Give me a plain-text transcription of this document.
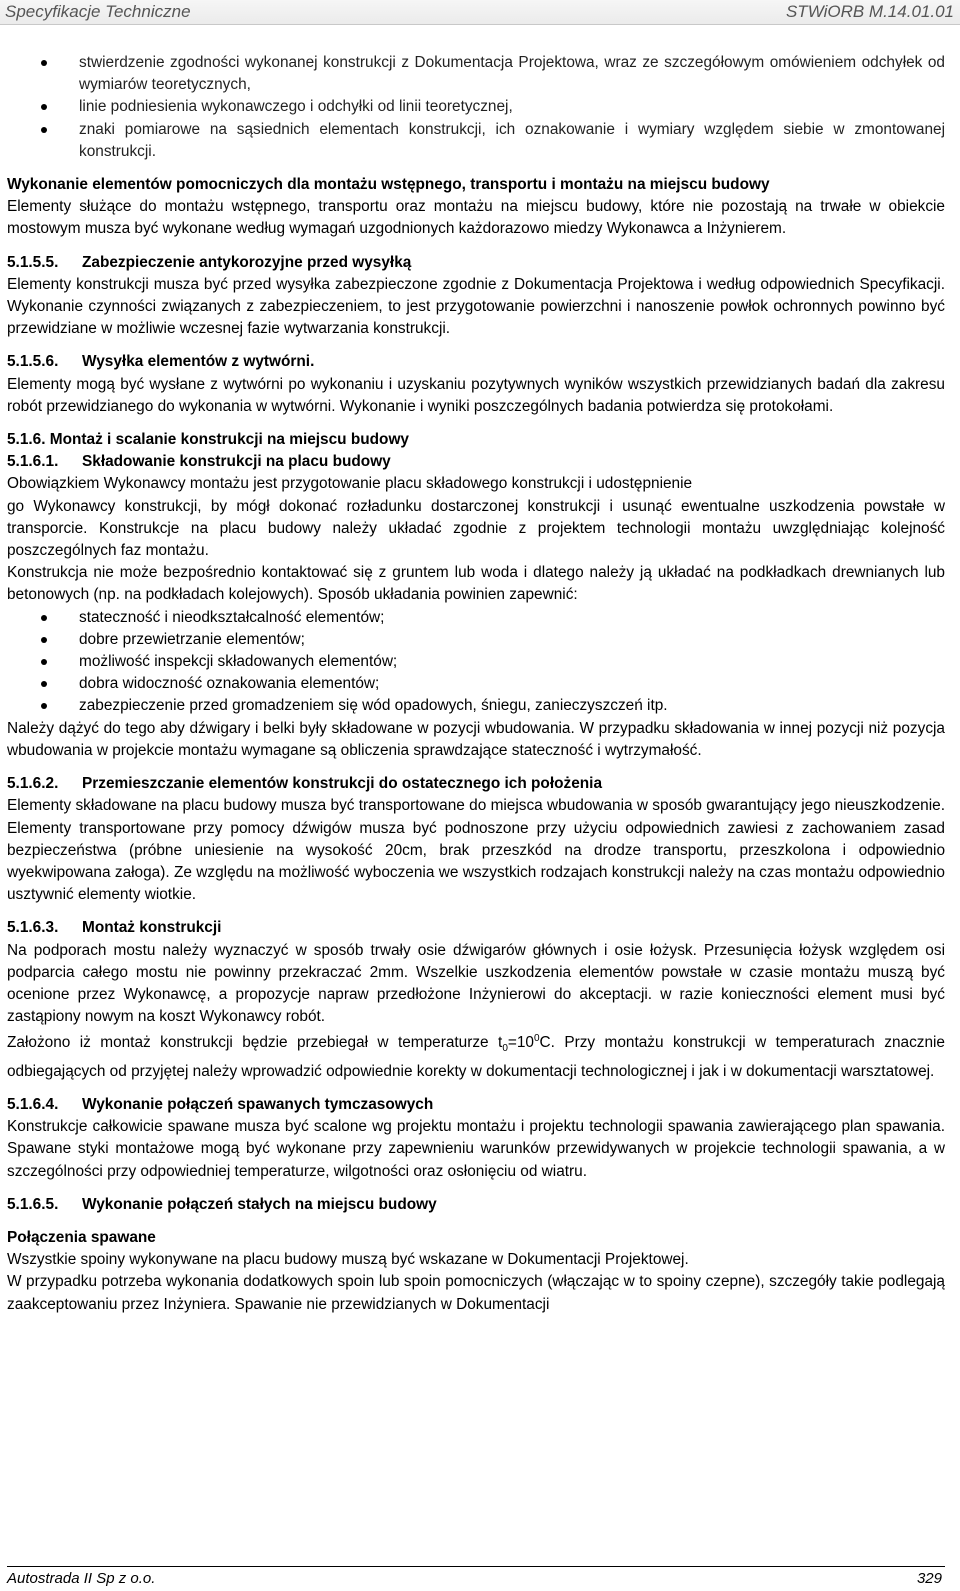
Specyfikacje Techniczne	STWiORB M.14.01.01
stwierdzenie zgodności wykonanej konstrukcji z Dokumentacja Projektowa, wraz ze szczegółowym omówieniem odchyłek od wymiarów teoretycznych,
linie podniesienia wykonawczego i odchyłki od linii teoretycznej,
znaki pomiarowe na sąsiednich elementach konstrukcji, ich oznakowanie i wymiary względem siebie w zmontowanej konstrukcji.

Wykonanie elementów pomocniczych dla montażu wstępnego, transportu i montażu na miejscu budowy

Elementy służące do montażu wstępnego, transportu oraz montażu na miejscu budowy, które nie pozostają na trwałe w obiekcie mostowym musza być wykonane według wymagań uzgodnionych każdorazowo miedzy Wykonawca a Inżynierem.

5.1.5.5. Zabezpieczenie antykorozyjne przed wysyłką

Elementy konstrukcji musza być przed wysyłka zabezpieczone zgodnie z Dokumentacja Projektowa i według odpowiednich Specyfikacji. Wykonanie czynności związanych z zabezpieczeniem, to jest przygotowanie powierzchni i nanoszenie powłok ochronnych powinno być przewidziane w możliwie wczesnej fazie wytwarzania konstrukcji.

5.1.5.6. Wysyłka elementów z wytwórni.

Elementy mogą być wysłane z wytwórni po wykonaniu i uzyskaniu pozytywnych wyników wszystkich przewidzianych badań dla zakresu robót przewidzianego do wykonania w wytwórni. Wykonanie i wyniki poszczególnych badania potwierdza się protokołami.

5.1.6. Montaż i scalanie konstrukcji na miejscu budowy

5.1.6.1. Składowanie konstrukcji na placu budowy

Obowiązkiem Wykonawcy montażu jest przygotowanie placu składowego konstrukcji i udostępnienie

go Wykonawcy konstrukcji, by mógł dokonać rozładunku dostarczonej konstrukcji i usunąć ewentualne uszkodzenia powstałe w transporcie. Konstrukcje na placu budowy należy układać zgodnie z projektem technologii montażu uwzględniając kolejność poszczególnych faz montażu.

Konstrukcja nie może bezpośrednio kontaktować się z gruntem lub woda i dlatego należy ją układać na podkładkach drewnianych lub betonowych (np. na podkładach kolejowych). Sposób układania powinien zapewnić:

stateczność i nieodkształcalność elementów;
dobre przewietrzanie elementów;
możliwość inspekcji składowanych elementów;
dobra widoczność oznakowania elementów;
zabezpieczenie przed gromadzeniem się wód opadowych, śniegu, zanieczyszczeń itp.

Należy dążyć do tego aby dźwigary i belki były składowane w pozycji wbudowania. W przypadku składowania w innej pozycji niż pozycja wbudowania w projekcie montażu wymagane są obliczenia sprawdzające stateczność i wytrzymałość.

5.1.6.2. Przemieszczanie elementów konstrukcji do ostatecznego ich położenia

Elementy składowane na placu budowy musza być transportowane do miejsca wbudowania w sposób gwarantujący jego nieuszkodzenie. Elementy transportowane przy pomocy dźwigów musza być podnoszone przy użyciu odpowiednich zawiesi z zachowaniem zasad bezpieczeństwa (próbne uniesienie na wysokość 20cm, brak przeszkód na drodze transportu, przeszkolona i odpowiednio wyekwipowana załoga). Ze względu na możliwość wyboczenia we wszystkich rodzajach konstrukcji należy na czas montażu odpowiednio usztywnić elementy wiotkie.

5.1.6.3. Montaż konstrukcji

Na podporach mostu należy wyznaczyć w sposób trwały osie dźwigarów głównych i osie łożysk. Przesunięcia łożysk względem osi podparcia całego mostu nie powinny przekraczać 2mm. Wszelkie uszkodzenia elementów powstałe w czasie montażu muszą być ocenione przez Wykonawcę, a propozycje napraw przedłożone Inżynierowi do akceptacji. w razie konieczności element musi być zastąpiony nowym na koszt Wykonawcy robót.

Założono iż montaż konstrukcji będzie przebiegał w temperaturze $t_0=10^0C$. Przy montażu konstrukcji w temperaturach znacznie odbiegających od przyjętej należy wprowadzić odpowiednie korekty w dokumentacji technologicznej i jak i w dokumentacji warsztatowej.

5.1.6.4. Wykonanie połączeń spawanych tymczasowych

Konstrukcje całkowicie spawane musza być scalone wg projektu montażu i projektu technologii spawania zawierającego plan spawania. Spawane styki montażowe mogą być wykonane przy zapewnieniu warunków przewidywanych w projekcie technologii spawania, a w szczególności przy odpowiedniej temperaturze, wilgotności oraz osłonięciu od wiatru.

5.1.6.5. Wykonanie połączeń stałych na miejscu budowy

Połączenia spawane

Wszystkie spoiny wykonywane na placu budowy muszą być wskazane w Dokumentacji Projektowej.

W przypadku potrzeba wykonania dodatkowych spoin lub spoin pomocniczych (włączając w to spoiny czepne), szczegóły takie podlegają zaakceptowaniu przez Inżyniera. Spawanie nie przewidzianych w Dokumentacji

Autostrada II Sp z o.o.	329
